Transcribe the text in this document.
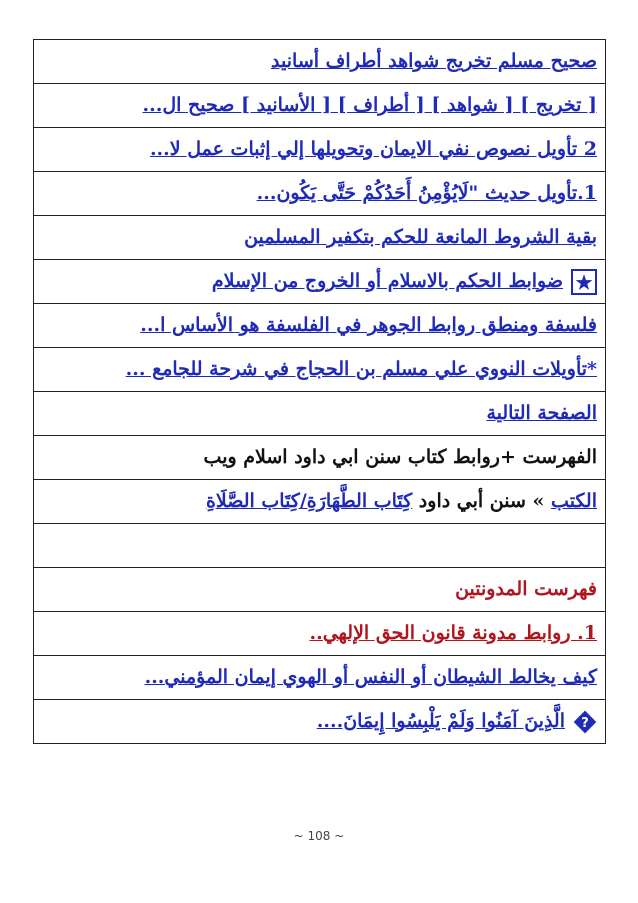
صحيح مسلم تخريج شواهد أطراف أسانيد
[ تخريج ] [ شواهد ] [ أطراف ] [ الأسانيد ] صحيح ال...
2 تأويل نصوص نفي الايمان وتحويلها إلي إثبات عمل لا...
1.تأويل حديث "لَايُؤْمِنُ أَحَدُكُمْ حَتَّى يَكُون...
بقية الشروط المانعة للحكم بتكفير المسلمين
★ضوابط الحكم بالاسلام أو الخروج من الإسلام
فلسفة ومنطق روابط الجوهر في الفلسفة هو الأساس ا...
*تأويلات النووي علي مسلم بن الحجاج في شرحة للجامع ...
الصفحة التالية
الفهرست +روابط كتاب سنن ابي داود اسلام ويب
الكتب » سنن أبي داود كِتَاب الطَّهَارَةِ/كِتَاب الصَّلَاةِ

فهرست المدونتين
1. روابط مدونة قانون الحق الإلهي..
كيف يخالط الشيطان أو النفس أو الهوي إيمان المؤمني...

?
الَّذِينَ آمَنُوا وَلَمْ يَلْبِسُوا إِيمَانَ....
~ 108 ~
